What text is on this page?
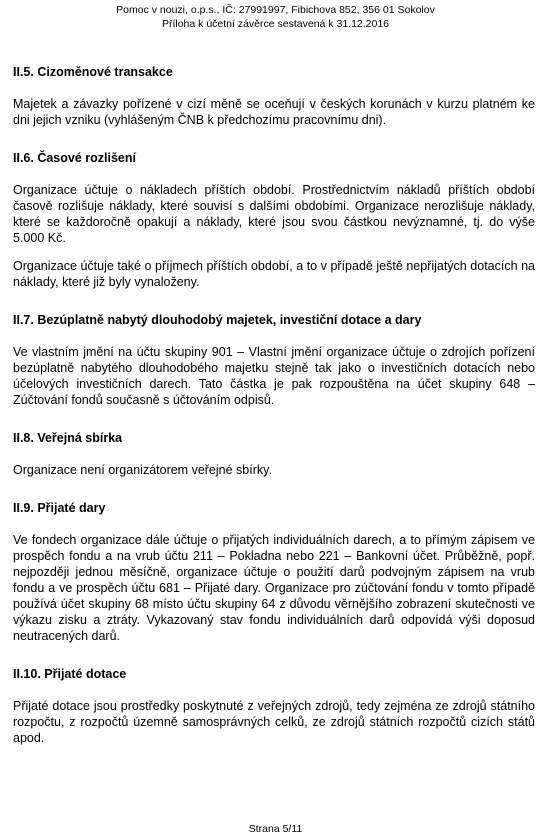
Pomoc v nouzi, o.p.s., IČ: 27991997, Fibichova 852, 356 01 Sokolov
Příloha k účetní závěrce sestavená k 31.12.2016
II.5. Cizoměnové transakce

Majetek a závazky pořízené v cizí měně se oceňují v českých korunách v kurzu platném ke dni jejich vzniku (vyhlášeným ČNB k předchozímu pracovnímu dni).

II.6. Časové rozlišení

Organizace účtuje o nákladech příštích období. Prostřednictvím nákladů příštích období časově rozlišuje náklady, které souvisí s dalšími obdobími. Organizace nerozlišuje náklady, které se každoročně opakují a náklady, které jsou svou částkou nevýznamné, tj. do výše 5.000 Kč.

Organizace účtuje také o příjmech příštích období, a to v případě ještě nepřijatých dotacích na náklady, které již byly vynaloženy.

II.7. Bezúplatně nabytý dlouhodobý majetek, investiční dotace a dary

Ve vlastním jmění na účtu skupiny 901 – Vlastní jmění organizace účtuje o zdrojích pořízení bezúplatně nabytého dlouhodobého majetku stejně tak jako o investičních dotacích nebo účelových investičních darech. Tato částka je pak rozpouštěna na účet skupiny 648 – Zúčtování fondů současně s účtováním odpisů.

II.8. Veřejná sbírka

Organizace není organizátorem veřejné sbírky.

II.9. Přijaté dary

Ve fondech organizace dále účtuje o přijatých individuálních darech, a to přímým zápisem ve prospěch fondu a na vrub účtu 211 – Pokladna nebo 221 – Bankovní účet. Průběžně, popř. nejpozději jednou měsíčně, organizace účtuje o použití darů podvojným zápisem na vrub fondu a ve prospěch účtu 681 – Přijaté dary. Organizace pro zúčtování fondu v tomto případě používá účet skupiny 68 místo účtu skupiny 64 z důvodu věrnějšího zobrazení skutečnosti ve výkazu zisku a ztráty. Vykazovaný stav fondu individuálních darů odpovídá výši doposud neutracených darů.

II.10. Přijaté dotace

Přijaté dotace jsou prostředky poskytnuté z veřejných zdrojů, tedy zejména ze zdrojů státního rozpočtu, z rozpočtů územně samosprávných celků, ze zdrojů státních rozpočtů cizích států apod.

Strana 5/11
